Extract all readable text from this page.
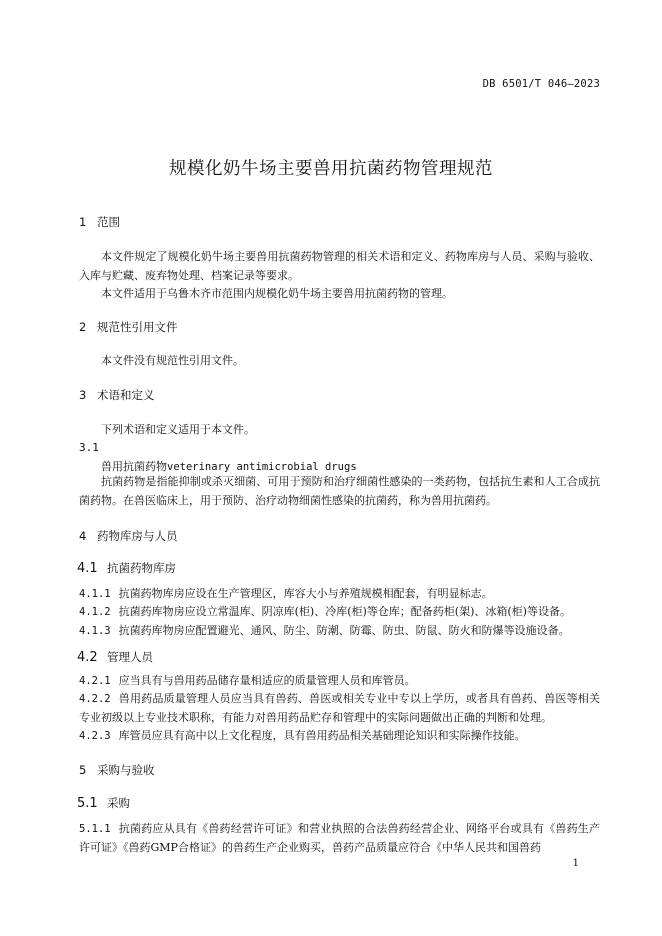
DB 6501/T 046—2023
规模化奶牛场主要兽用抗菌药物管理规范
1 范围

本文件规定了规模化奶牛场主要兽用抗菌药物管理的相关术语和定义、药物库房与人员、采购与验收、入库与贮藏、废弃物处理、档案记录等要求。

本文件适用于乌鲁木齐市范围内规模化奶牛场主要兽用抗菌药物的管理。

2 规范性引用文件

本文件没有规范性引用文件。

3 术语和定义

下列术语和定义适用于本文件。

3.1
兽用抗菌药物veterinary antimicrobial drugs

抗菌药物是指能抑制或杀灭细菌、可用于预防和治疗细菌性感染的一类药物，包括抗生素和人工合成抗菌药物。在兽医临床上，用于预防、治疗动物细菌性感染的抗菌药，称为兽用抗菌药。

4 药物库房与人员
4.1 抗菌药物库房

4.1.1 抗菌药物库房应设在生产管理区，库容大小与养殖规模相配套，有明显标志。

4.1.2 抗菌药库物房应设立常温库、阴凉库(柜)、冷库(柜)等仓库；配备药柜(架)、冰箱(柜)等设备。

4.1.3 抗菌药库物房应配置避光、通风、防尘、防潮、防霉、防虫、防鼠、防火和防爆等设施设备。

4.2 管理人员

4.2.1 应当具有与兽用药品储存量相适应的质量管理人员和库管员。

4.2.2 兽用药品质量管理人员应当具有兽药、兽医或相关专业中专以上学历，或者具有兽药、兽医等相关专业初级以上专业技术职称，有能力对兽用药品贮存和管理中的实际问题做出正确的判断和处理。

4.2.3 库管员应具有高中以上文化程度，具有兽用药品相关基础理论知识和实际操作技能。

5 采购与验收
5.1 采购

5.1.1 抗菌药应从具有《兽药经营许可证》和营业执照的合法兽药经营企业、网络平台或具有《兽药生产许可证》《兽药GMP合格证》的兽药生产企业购买，兽药产品质量应符合《中华人民共和国兽药

1
